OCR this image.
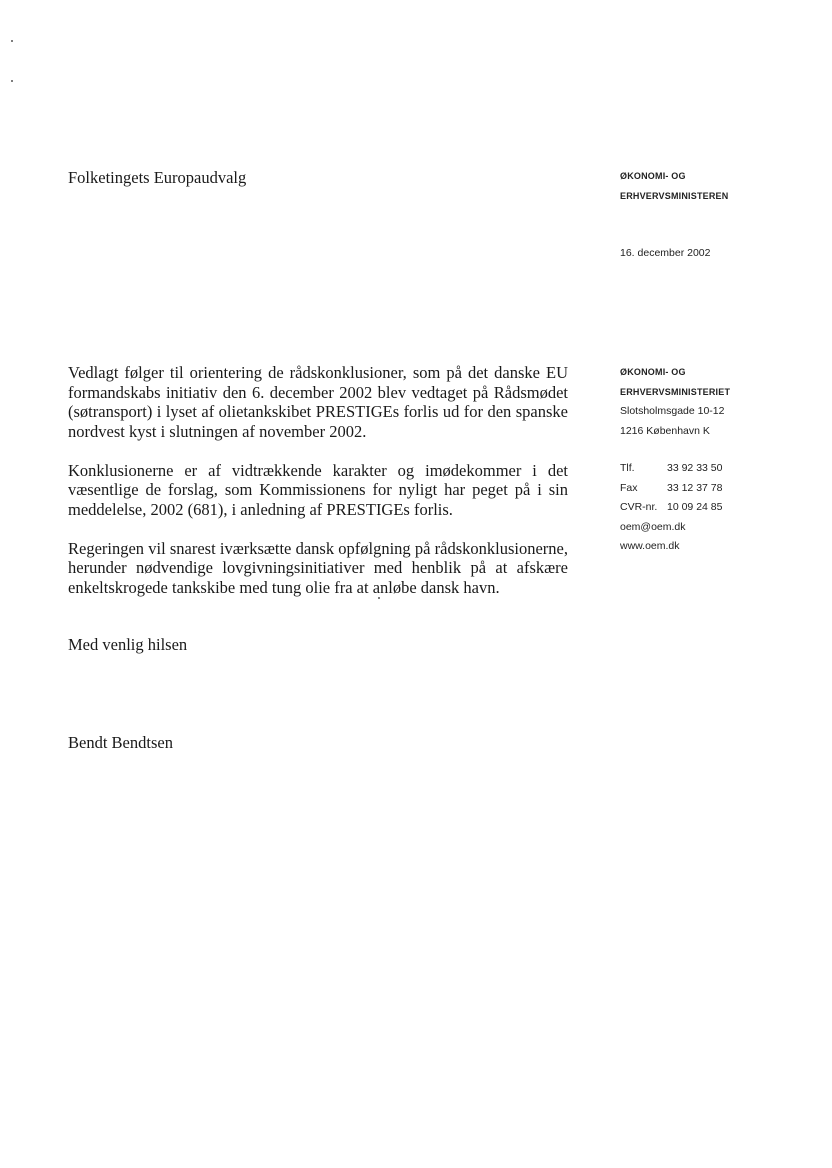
Folketingets Europaudvalg	ØKONOMI- OG
ERHVERVSMINISTEREN
16. december 2002

Vedlagt følger til orientering de rådskonklusioner, som på det danske EU formandskabs initiativ den 6. december 2002 blev vedtaget på Rådsmødet (søtransport) i lyset af olietankskibet PRESTIGEs forlis ud for den spanske nordvest kyst i slutningen af november 2002.

Konklusionerne er af vidtrækkende karakter og imødekommer i det væsentlige de forslag, som Kommissionens for nyligt har peget på i sin meddelelse, 2002 (681), i anledning af PRESTIGEs forlis.

Regeringen vil snarest iværksætte dansk opfølgning på rådskonklusionerne, herunder nødvendige lovgivningsinitiativer med henblik på at afskære enkeltskrogede tankskibe med tung olie fra at anløbe dansk havn.

ØKONOMI- OG
ERHVERVSMINISTERIET
Slotsholmsgade 10-12
1216 København K
Tlf.	33 92 33 50
Fax	33 12 37 78
CVR-nr. 10 09 24 85
oem@oem.dk
www.oem.dk
Med venlig hilsen
Bendt Bendtsen
